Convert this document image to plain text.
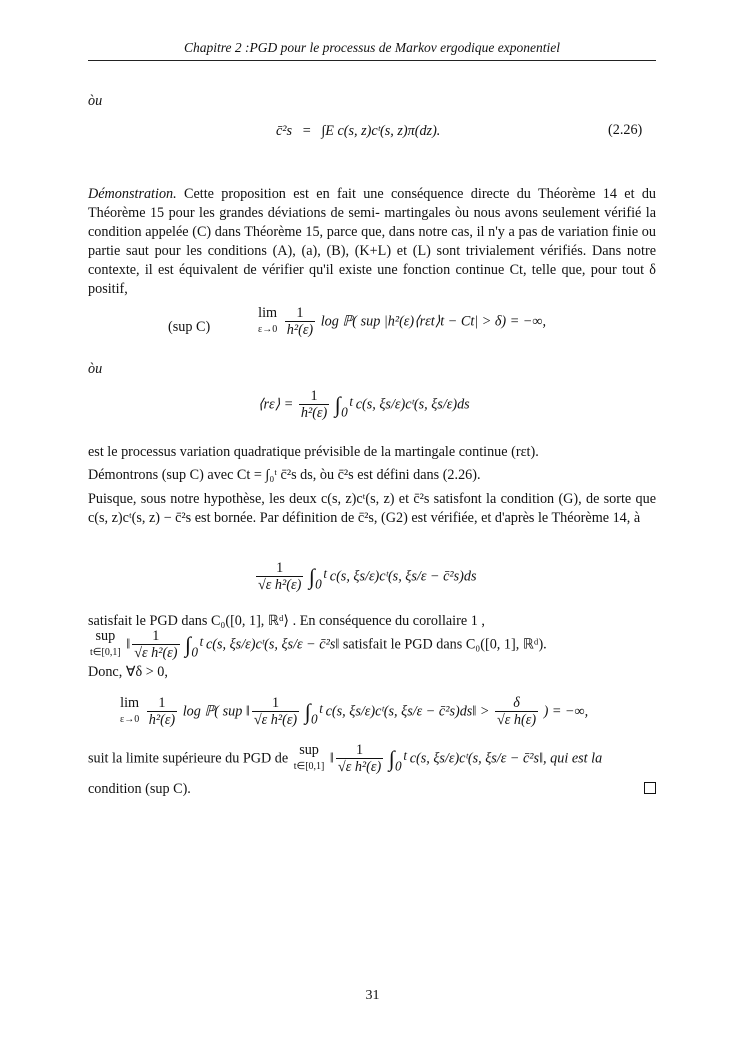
Chapitre 2 :PGD pour le processus de Markov ergodique exponentiel
òu
c̄²s = ∫E c(s, z)cᵗ(s, z)π(dz).	(2.26)
Démonstration. Cette proposition est en fait une conséquence directe du Théorème 14 et du Théorème 15 pour les grandes déviations de semi- martingales òu nous avons seulement vérifié la condition appelée (C) dans Théorème 15, parce que, dans notre cas, il n'y a pas de variation finie ou partie saut pour les conditions (A), (a), (B), (K+L) et (L) sont trivialement vérifiés. Dans notre contexte, il est équivalent de vérifier qu'il existe une fonction continue Ct, telle que, pour tout δ positif,
(sup C)
lim
ε→0
$\frac{1}{\text{h²(ε)}}$ log ℙ( sup |h²(ε)⟨rεt⟩t − Ct| > δ) = −∞,
òu
⟨rε⟩ = $\frac{1}{\text{h²(ε)}}$ ∫₀ᵗ c(s, ξs/ε)cᵗ(s, ξs/ε)ds
est le processus variation quadratique prévisible de la martingale continue (rεt).
Démontrons (sup C) avec Ct = ∫₀ᵗ c̄²s ds, òu c̄²s est défini dans (2.26).
Puisque, sous notre hypothèse, les deux c(s, z)cᵗ(s, z) et c̄²s satisfont la condition (G), de sorte que c(s, z)cᵗ(s, z) − c̄²s est bornée. Par définition de c̄²s, (G2) est vérifiée, et d'après le Théorème 14, à
$\frac{1}{\text{√ε h²(ε)}}$ ∫₀ᵗ c(s, ξs/ε)cᵗ(s, ξs/ε − c̄²s)ds
satisfait le PGD dans C₀([0, 1], ℝᵈ⟩ . En conséquence du corollaire 1 ,
sup
t∈[0,1]
‖ $\frac{1}{\text{√ε h²(ε)}}$ ∫₀ᵗ c(s, ξs/ε)cᵗ(s, ξs/ε − c̄²s‖ satisfait le PGD dans C₀([0, 1], ℝᵈ).
Donc, ∀δ > 0,
lim
ε→0
$\frac{1}{\text{h²(ε)}}$ log ℙ( sup ‖ $\frac{1}{\text{√ε h²(ε)}}$ ∫₀ᵗ c(s, ξs/ε)cᵗ(s, ξs/ε − c̄²s)ds‖ > $\frac{\delta}{\text{√ε h(ε)}}$ ) = −∞,
suit la limite supérieure du PGD de
sup
t∈[0,1]
‖ $\frac{1}{\text{√ε h²(ε)}}$ ∫₀ᵗ c(s, ξs/ε)cᵗ(s, ξs/ε − c̄²s‖, qui est la
condition (sup C).
31
